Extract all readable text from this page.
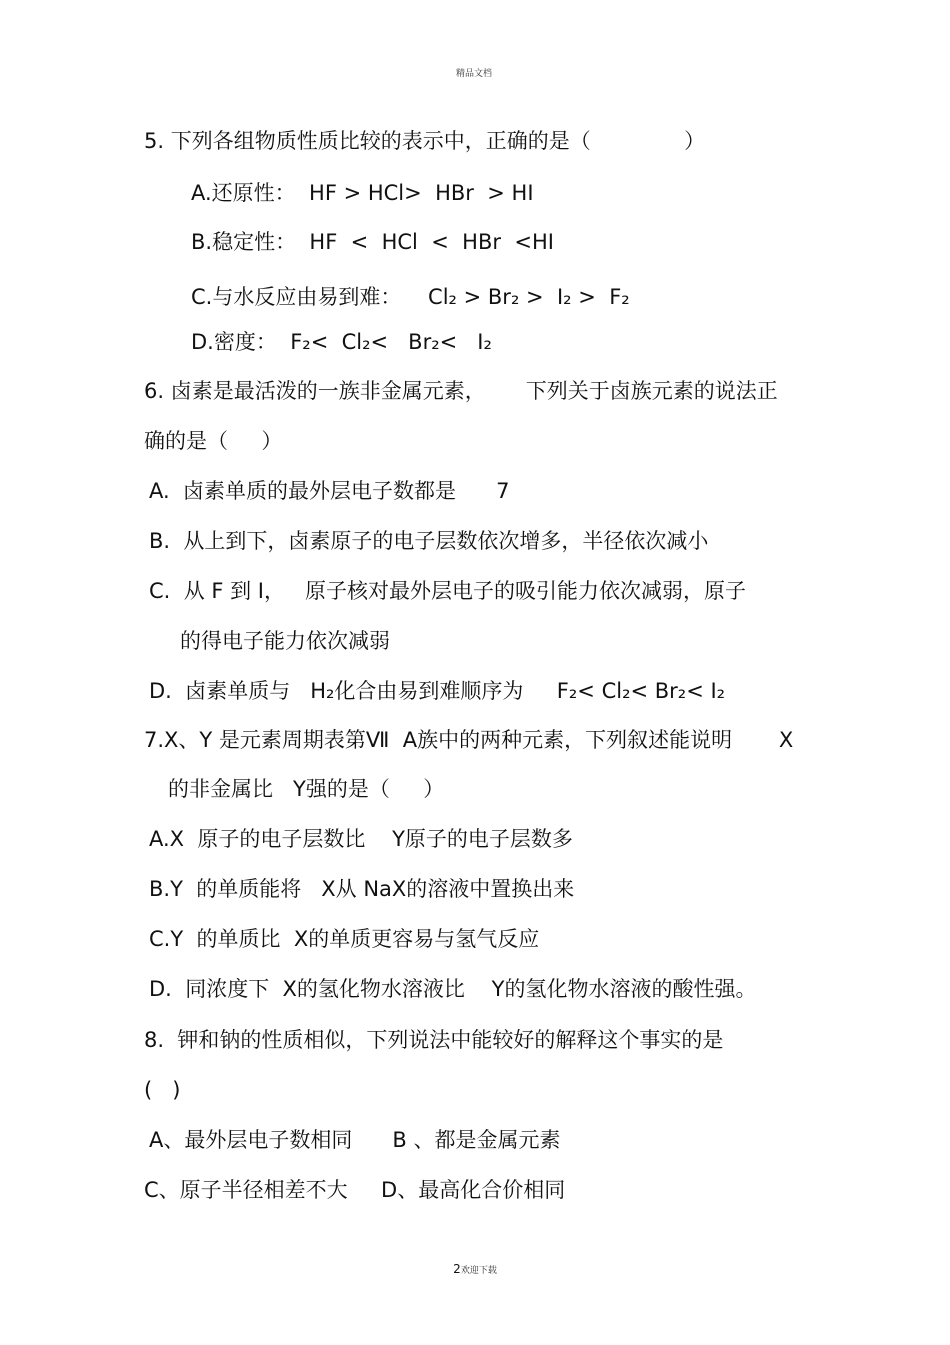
精品文档
5. 下列各组物质性质比较的表示中，正确的是（              ）
A.还原性：  HF > HCl>  HBr  > HI
B.稳定性：  HF  <  HCl  <  HBr  <HI
C.与水反应由易到难：    Cl₂ > Br₂ >  I₂ >  F₂
D.密度：  F₂<  Cl₂<   Br₂<   I₂
6. 卤素是最活泼的一族非金属元素，      下列关于卤族元素的说法正
确的是（     ）
A.  卤素单质的最外层电子数都是      7
B.  从上到下，卤素原子的电子层数依次增多，半径依次减小
C.  从 F 到 I，   原子核对最外层电子的吸引能力依次减弱，原子
的得电子能力依次减弱
D.  卤素单质与   H₂化合由易到难顺序为     F₂< Cl₂< Br₂< I₂
7.X、Y 是元素周期表第Ⅶ  A族中的两种元素，下列叙述能说明       X
的非金属比   Y强的是（     ）
A.X  原子的电子层数比    Y原子的电子层数多
B.Y  的单质能将   X从 NaX的溶液中置换出来
C.Y  的单质比  X的单质更容易与氢气反应
D.  同浓度下  X的氢化物水溶液比    Y的氢化物水溶液的酸性强。
8.  钾和钠的性质相似，下列说法中能较好的解释这个事实的是
(   )
A、最外层电子数相同      B 、都是金属元素
C、原子半径相差不大     D、最高化合价相同
2欢迎下载
